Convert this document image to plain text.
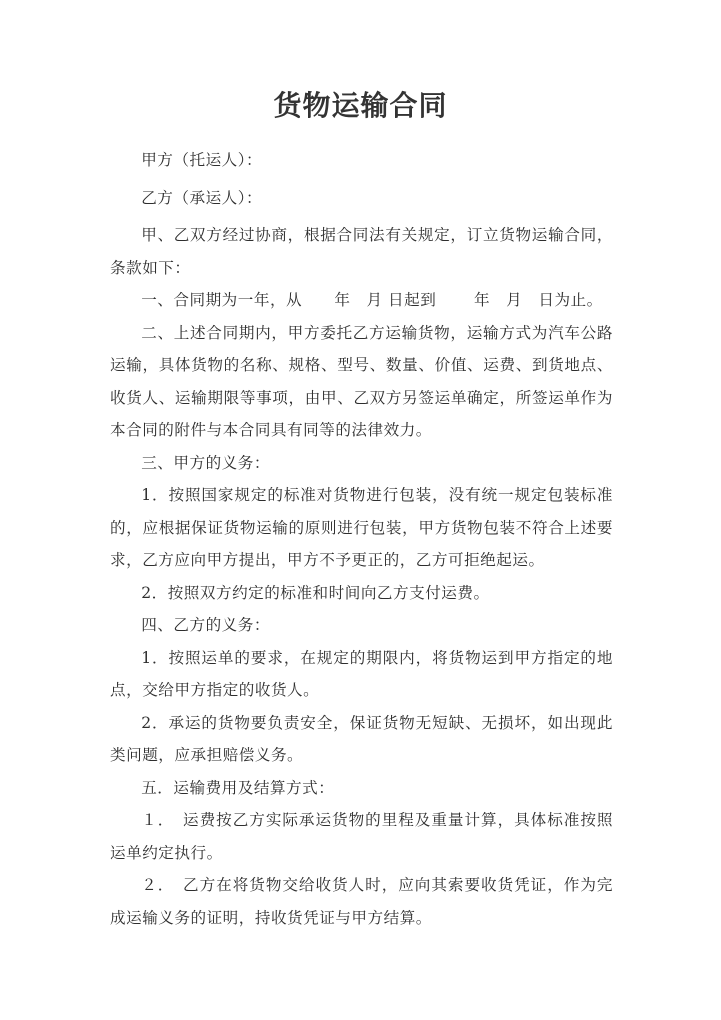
货物运输合同

甲方（托运人）：

乙方（承运人）：

甲、乙双方经过协商，根据合同法有关规定，订立货物运输合同，条款如下：

一、合同期为一年，从　　年　月 日起到　　 年　月　日为止。

二、上述合同期内，甲方委托乙方运输货物，运输方式为汽车公路运输，具体货物的名称、规格、型号、数量、价值、运费、到货地点、收货人、运输期限等事项，由甲、乙双方另签运单确定，所签运单作为本合同的附件与本合同具有同等的法律效力。

三、甲方的义务：

1．按照国家规定的标准对货物进行包装，没有统一规定包装标准的，应根据保证货物运输的原则进行包装，甲方货物包装不符合上述要求，乙方应向甲方提出，甲方不予更正的，乙方可拒绝起运。

2．按照双方约定的标准和时间向乙方支付运费。

四、乙方的义务：

1．按照运单的要求，在规定的期限内，将货物运到甲方指定的地点，交给甲方指定的收货人。

2．承运的货物要负责安全，保证货物无短缺、无损坏，如出现此类问题，应承担赔偿义务。

五．运输费用及结算方式：

１．　运费按乙方实际承运货物的里程及重量计算，具体标准按照运单约定执行。

２．　乙方在将货物交给收货人时，应向其索要收货凭证，作为完成运输义务的证明，持收货凭证与甲方结算。
